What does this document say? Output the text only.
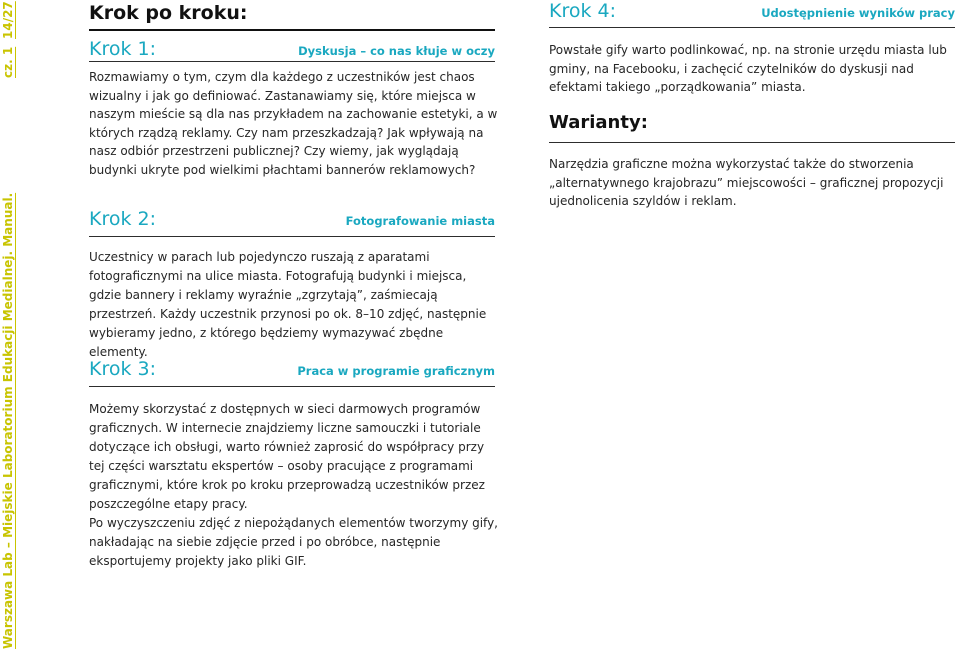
cz. 1 14/27
Warszawa Lab – Miejskie Laboratorium Edukacji Medialnej. Manual.
Krok po kroku:
Krok 1:	Dyskusja – co nas kłuje w oczy

Rozmawiamy o tym, czym dla każdego z uczestników jest chaos wizualny i jak go definiować. Zastanawiamy się, które miejsca w naszym mieście są dla nas przykładem na zachowanie estetyki, a w których rządzą reklamy. Czy nam przeszkadzają? Jak wpływają na nasz odbiór przestrzeni publicznej? Czy wiemy, jak wyglądają budynki ukryte pod wielkimi płachtami bannerów reklamowych?

Krok 2:	Fotografowanie miasta

Uczestnicy w parach lub pojedynczo ruszają z aparatami fotograficznymi na ulice miasta. Fotografują budynki i miejsca, gdzie bannery i reklamy wyraźnie „zgrzytają”, zaśmiecają przestrzeń. Każdy uczestnik przynosi po ok. 8–10 zdjęć, następnie wybieramy jedno, z którego będziemy wymazywać zbędne elementy.

Krok 3:	Praca w programie graficznym

Możemy skorzystać z dostępnych w sieci darmowych programów graficznych. W internecie znajdziemy liczne samouczki i tutoriale dotyczące ich obsługi, warto również zaprosić do współpracy przy tej części warsztatu ekspertów – osoby pracujące z programami graficznymi, które krok po kroku przeprowadzą uczestników przez poszczególne etapy pracy.

Po wyczyszczeniu zdjęć z niepożądanych elementów tworzymy gify, nakładając na siebie zdjęcie przed i po obróbce, następnie eksportujemy projekty jako pliki GIF.

Krok 4:	Udostępnienie wyników pracy

Powstałe gify warto podlinkować, np. na stronie urzędu miasta lub gminy, na Facebooku, i zachęcić czytelników do dyskusji nad efektami takiego „porządkowania” miasta.

Warianty:

Narzędzia graficzne można wykorzystać także do stworzenia „alternatywnego krajobrazu” miejscowości – graficznej propozycji ujednolicenia szyldów i reklam.
